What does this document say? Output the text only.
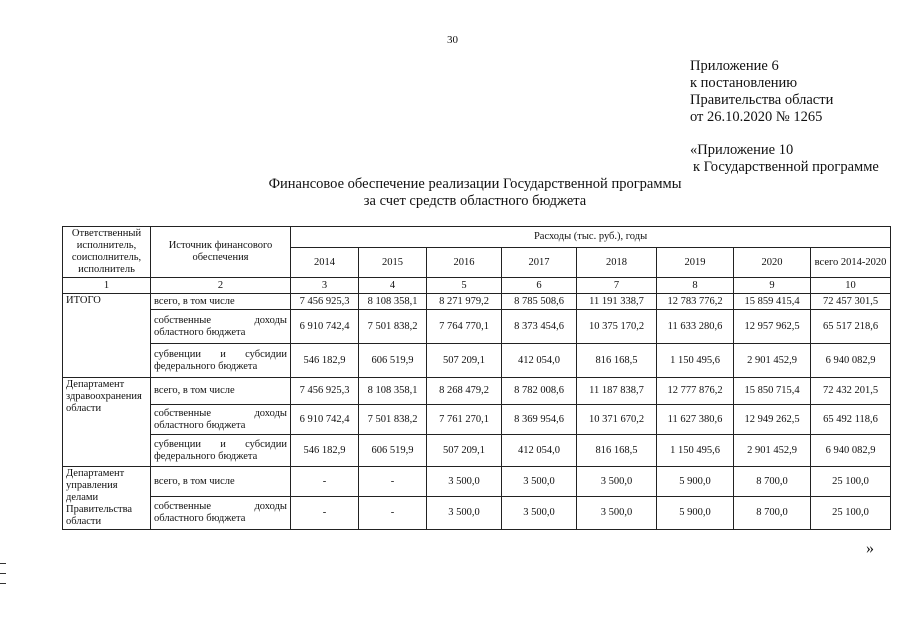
30
Приложение 6
к постановлению
Правительства области
от 26.10.2020 № 1265
«Приложение 10
к Государственной программе
Финансовое обеспечение реализации Государственной программы
за счет средств областного бюджета
Ответственный исполнитель, соисполнитель, исполнитель	Источник финансового обеспечения	Расходы (тыс. руб.), годы							
		2014	2015	2016	2017	2018	2019	2020	всего 2014-2020
1	2	3	4	5	6	7	8	9	10
ИТОГО	всего, в том числе	7 456 925,3	8 108 358,1	8 271 979,2	8 785 508,6	11 191 338,7	12 783 776,2	15 859 415,4	72 457 301,5
	собственные доходы областного бюджета	6 910 742,4	7 501 838,2	7 764 770,1	8 373 454,6	10 375 170,2	11 633 280,6	12 957 962,5	65 517 218,6
	субвенции и субсидии федерального бюджета	546 182,9	606 519,9	507 209,1	412 054,0	816 168,5	1 150 495,6	2 901 452,9	6 940 082,9
Департамент здравоохранения области	всего, в том числе	7 456 925,3	8 108 358,1	8 268 479,2	8 782 008,6	11 187 838,7	12 777 876,2	15 850 715,4	72 432 201,5
	собственные доходы областного бюджета	6 910 742,4	7 501 838,2	7 761 270,1	8 369 954,6	10 371 670,2	11 627 380,6	12 949 262,5	65 492 118,6
	субвенции и субсидии федерального бюджета	546 182,9	606 519,9	507 209,1	412 054,0	816 168,5	1 150 495,6	2 901 452,9	6 940 082,9
Департамент управления делами Правительства области	всего, в том числе	-	-	3 500,0	3 500,0	3 500,0	5 900,0	8 700,0	25 100,0
	собственные доходы областного бюджета	-	-	3 500,0	3 500,0	3 500,0	5 900,0	8 700,0	25 100,0
»
